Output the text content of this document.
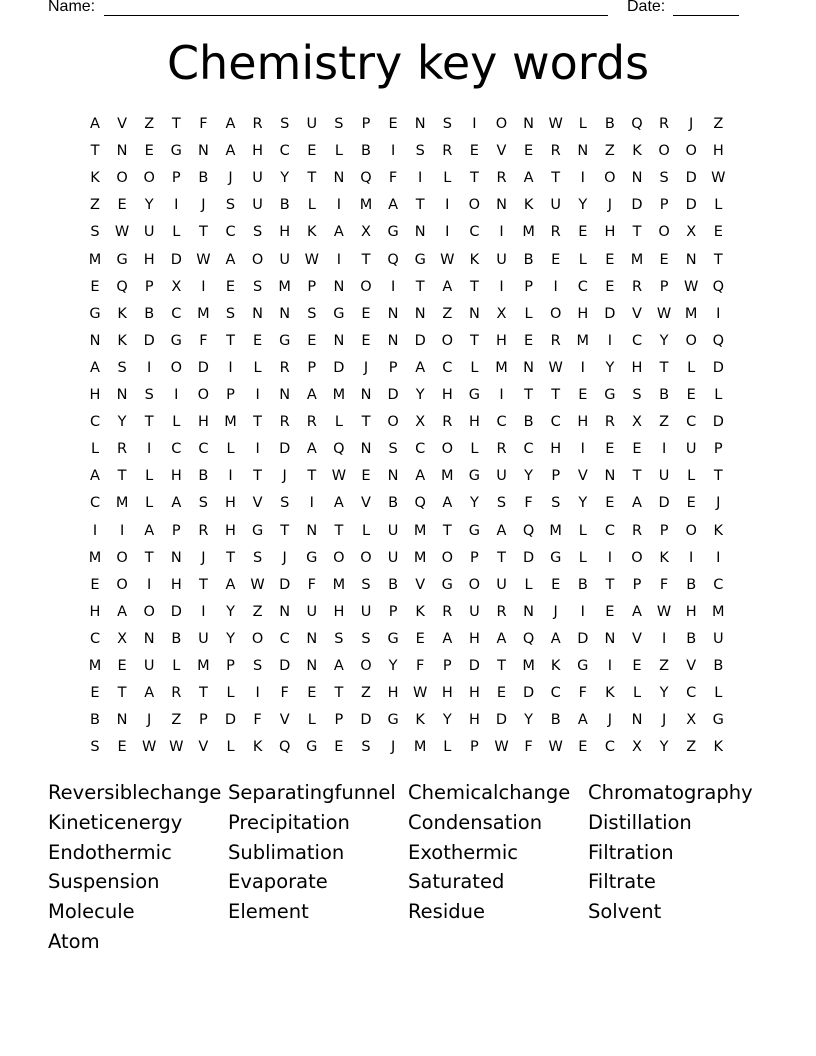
Name:	Date:
Chemistry key words
A	V	Z	T	F	A	R	S	U	S	P	E	N	S	I	O	N	W	L	B	Q	R	J	Z
T	N	E	G	N	A	H	C	E	L	B	I	S	R	E	V	E	R	N	Z	K	O	O	H
K	O	O	P	B	J	U	Y	T	N	Q	F	I	L	T	R	A	T	I	O	N	S	D W
Z	E	Y	I	J	S	U	B	L	I	M	A	T	I	O	N	K	U	Y	J	D	P	D	L
S	W	U	L	T	C	S	H	K	A	X	G	N	I	C	I	M	R	E	H	T	O	X	E
M	G	H	D W	A	O	U	W	I	T	Q	G W	K	U	B	E	L	E	M	E	N	T
E	Q	P	X	I	E	S	M	P	N	O	I	T	A	T	I	P	I	C	E	R	P	W Q
G	K	B	C	M	S	N	N	S	G	E	N	N	Z	N	X	L	O	H	D	V	W M	I
N	K	D	G	F	T	E	G	E	N	E	N	D	O	T	H	E	R	M	I	C	Y	O	Q
A	S	I	O	D	I	L	R	P	D	J	P	A	C	L	M	N	W	I	Y	H	T	L	D
H	N	S	I	O	P	I	N	A	M	N	D	Y	H	G	I	T	T	E	G	S	B	E	L
C	Y	T	L	H	M	T	R	R	L	T	O	X	R	H	C	B	C	H	R	X	Z	C	D
L	R	I	C	C	L	I	D	A	Q	N	S	C	O	L	R	C	H	I	E	E	I	U	P
A	T	L	H	B	I	T	J	T	W	E	N	A	M	G	U	Y	P	V	N	T	U	L	T
C	M	L	A	S	H	V	S	I	A	V	B	Q	A	Y	S	F	S	Y	E	A	D	E	J
I	I	A	P	R	H	G	T	N	T	L	U	M	T	G	A	Q	M	L	C	R	P	O	K
M	O	T	N	J	T	S	J	G	O	O	U	M	O	P	T	D	G	L	I	O	K	I	I
E	O	I	H	T	A	W D	F	M	S	B	V	G	O	U	L	E	B	T	P	F	B	C
H	A	O	D	I	Y	Z	N	U	H	U	P	K	R	U	R	N	J	I	E	A	W H	M
C	X	N	B	U	Y	O	C	N	S	S	G	E	A	H	A	Q	A	D	N	V	I	B	U
M	E	U	L	M	P	S	D	N	A	O	Y	F	P	D	T	M	K	G	I	E	Z	V	B
E	T	A	R	T	L	I	F	E	T	Z	H W H	H	E	D	C	F	K	L	Y	C	L
B	N	J	Z	P	D	F	V	L	P	D	G	K	Y	H	D	Y	B	A	J	N	J	X	G
S	E	W W	V	L	K	Q	G	E	S	J	M	L	P	W	F	W	E	C	X	Y	Z	K
Reversiblechange Separatingfunnel Chemicalchange Chromatography
Kineticenergy Precipitation	Condensation Distillation
Endothermic	Sublimation	Exothermic	Filtration
Suspension	Evaporate	Saturated	Filtrate
Molecule	Element	Residue	Solvent
Atom
